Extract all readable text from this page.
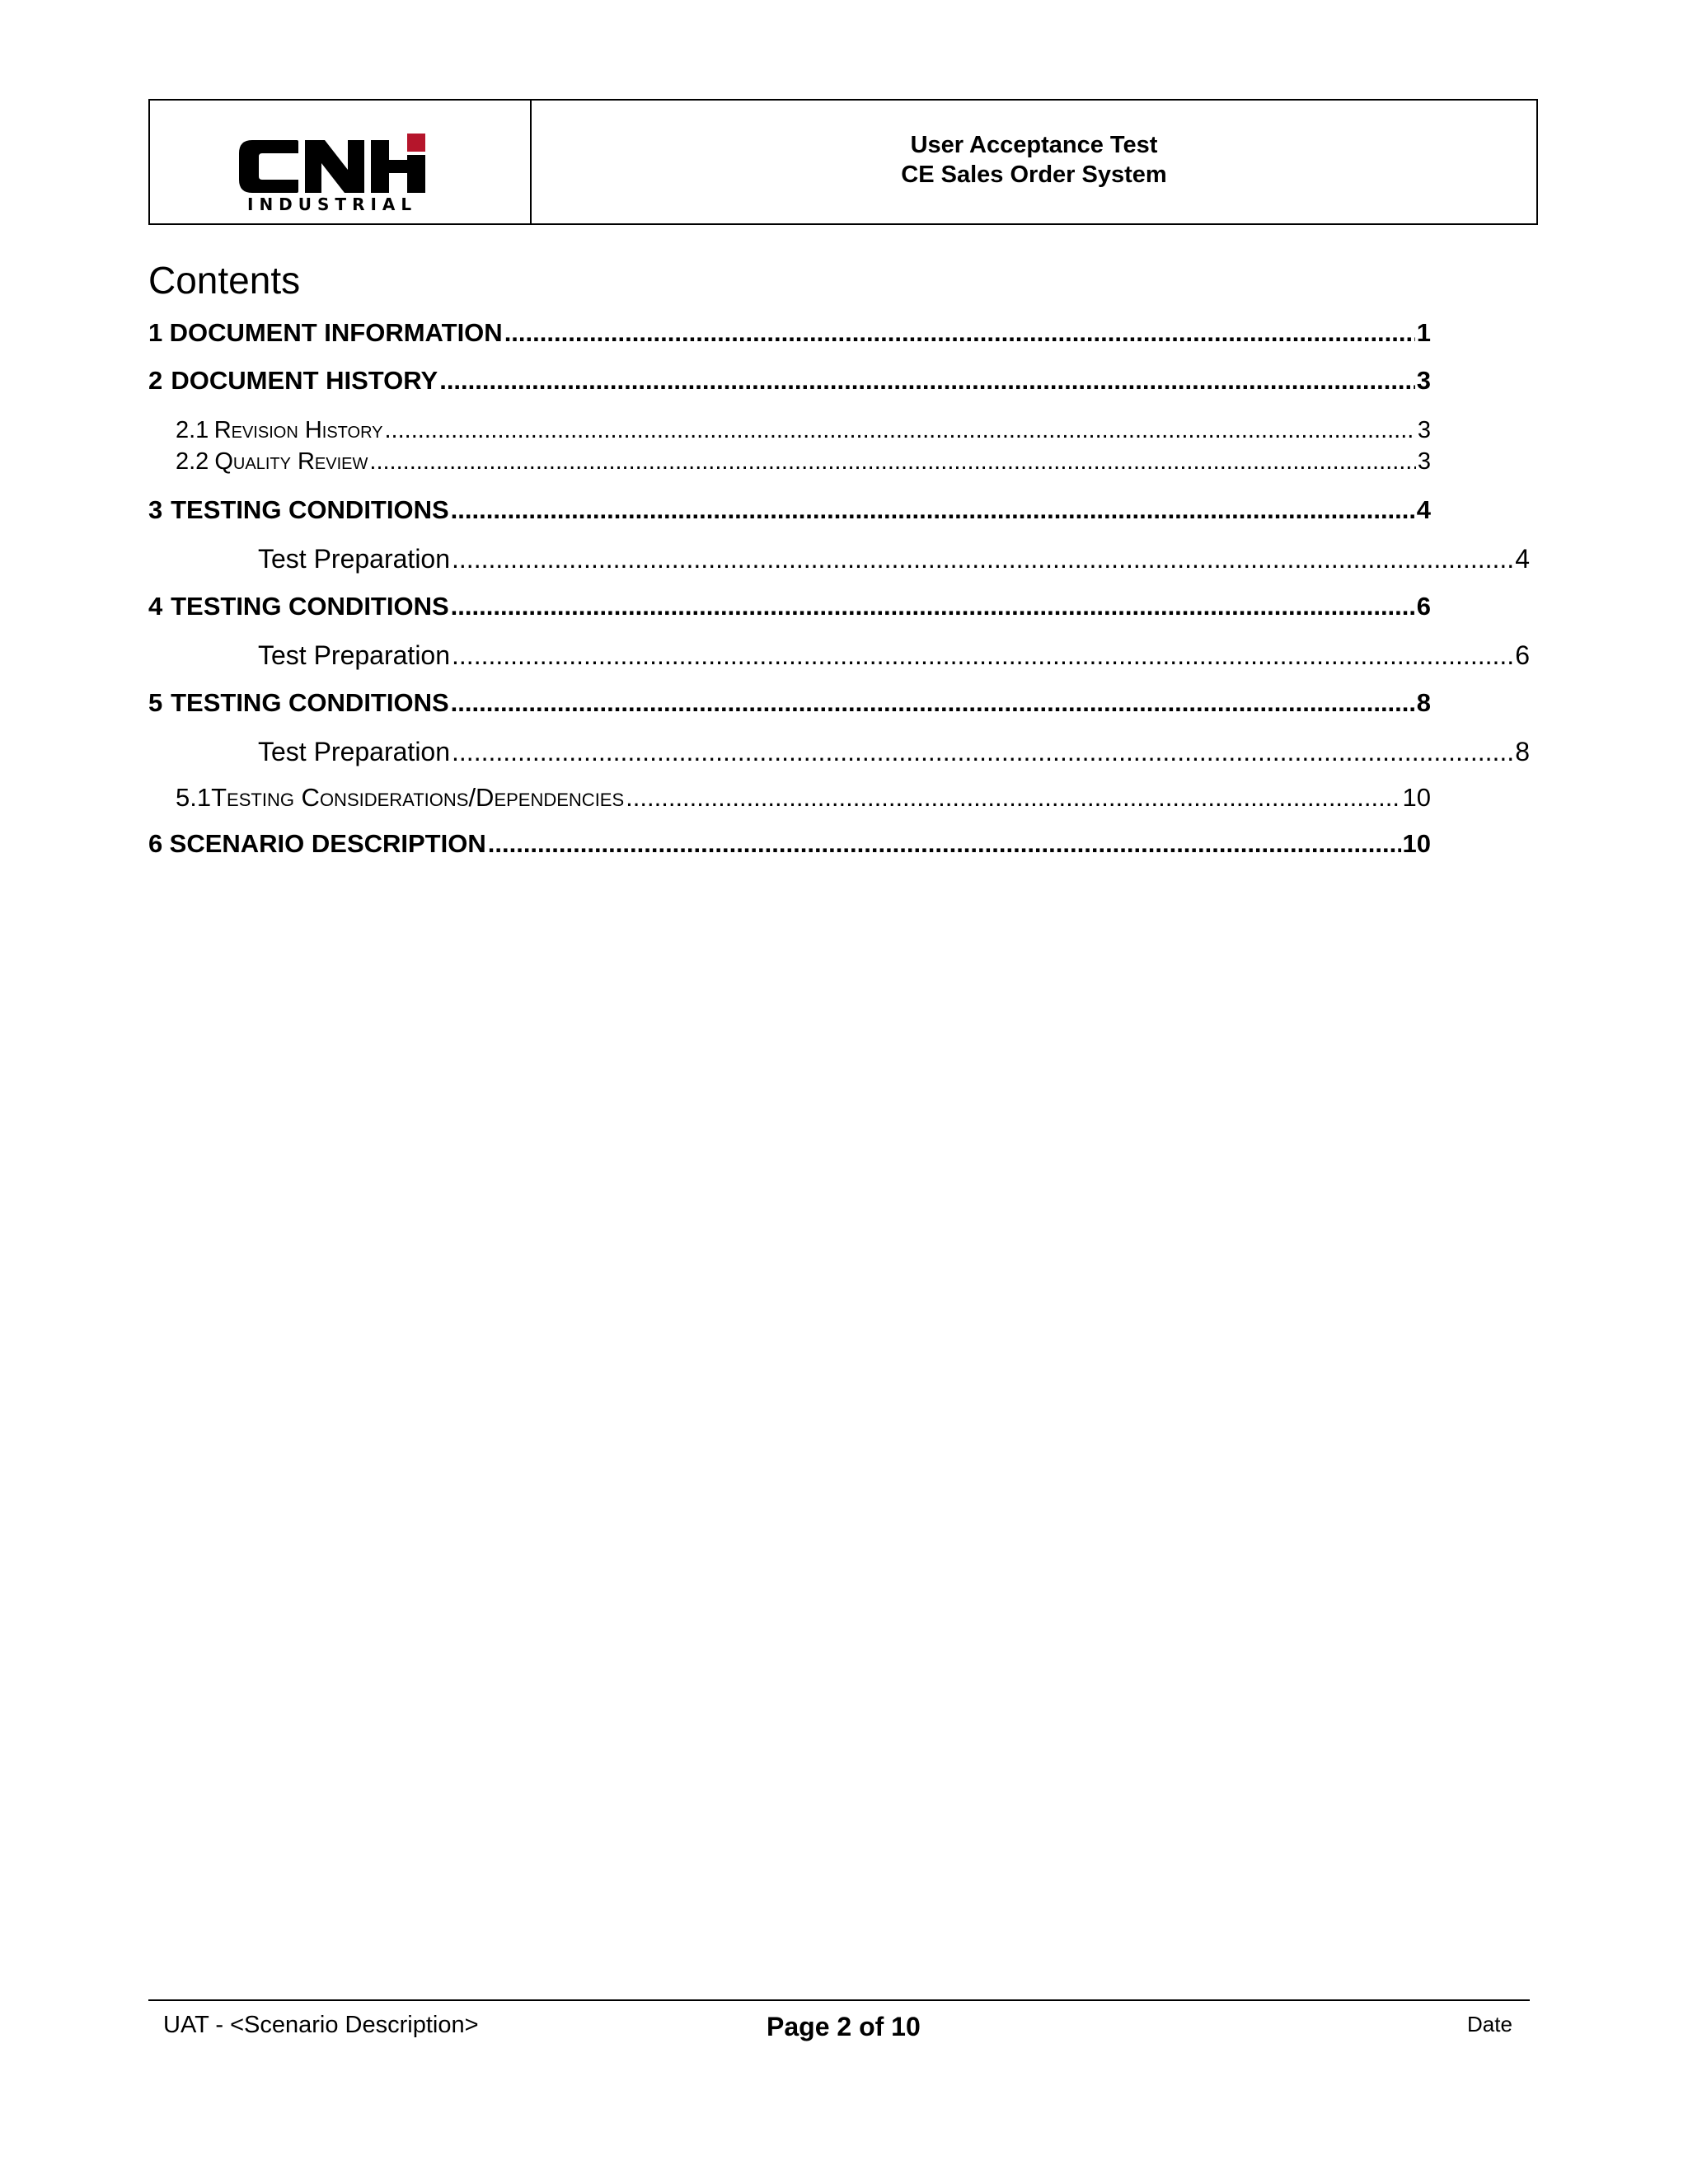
INDUSTRIAL
User Acceptance Test
CE Sales Order System
Contents
1 DOCUMENT INFORMATION .....	1
2 DOCUMENT HISTORY .....	3
2.1 Revision History .....	3
2.2 Quality Review .....	3
3 TESTING CONDITIONS .....	4
Test Preparation .....	4
4 TESTING CONDITIONS .....	6
Test Preparation .....	6
5 TESTING CONDITIONS .....	8
Test Preparation .....	8
5.1 Testing Considerations/Dependencies .....	10
6 SCENARIO DESCRIPTION .....	10
UAT - <Scenario Description>	Page 2 of 10	Date
